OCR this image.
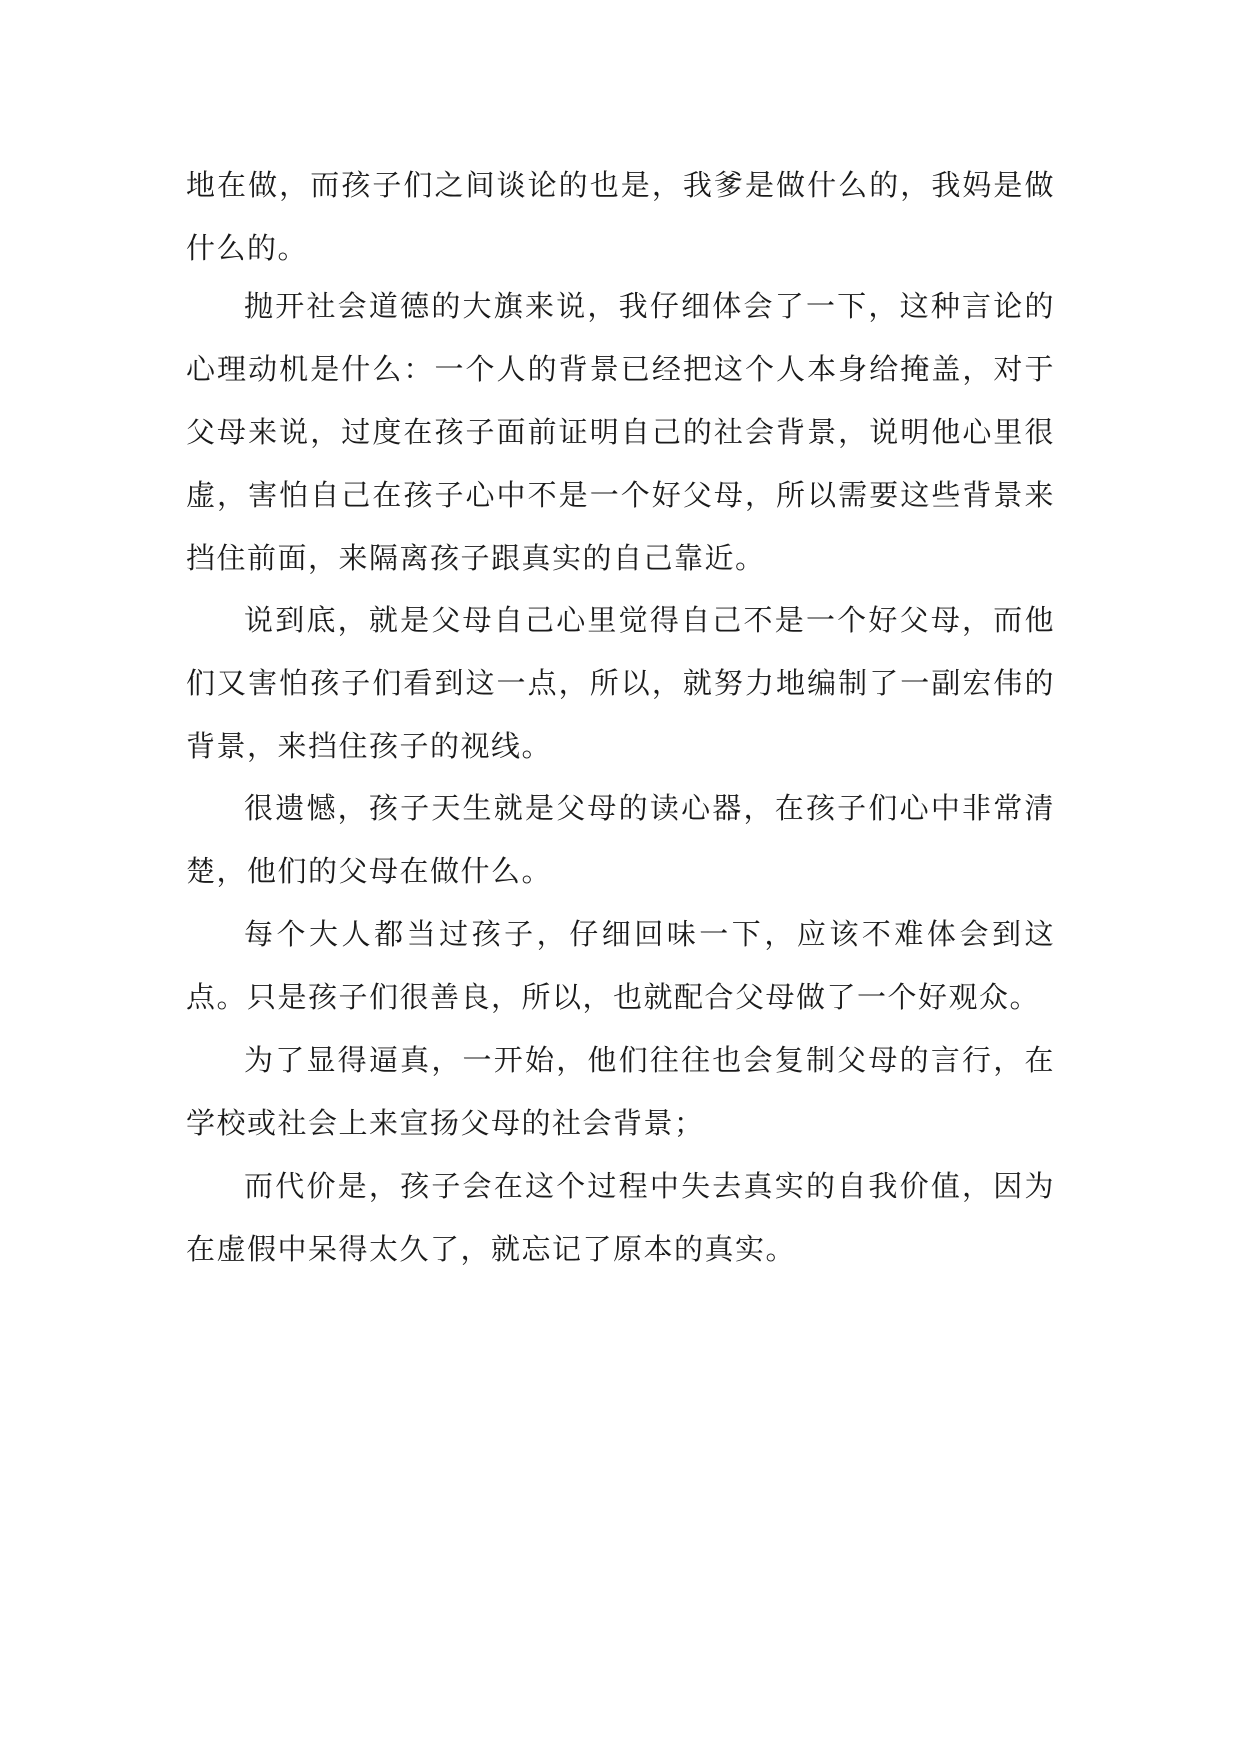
地在做，而孩子们之间谈论的也是，我爹是做什么的，我妈是做什么的。

抛开社会道德的大旗来说，我仔细体会了一下，这种言论的心理动机是什么：一个人的背景已经把这个人本身给掩盖，对于父母来说，过度在孩子面前证明自己的社会背景，说明他心里很虚，害怕自己在孩子心中不是一个好父母，所以需要这些背景来挡住前面，来隔离孩子跟真实的自己靠近。

说到底，就是父母自己心里觉得自己不是一个好父母，而他们又害怕孩子们看到这一点，所以，就努力地编制了一副宏伟的背景，来挡住孩子的视线。

很遗憾，孩子天生就是父母的读心器，在孩子们心中非常清楚，他们的父母在做什么。

每个大人都当过孩子，仔细回味一下，应该不难体会到这点。只是孩子们很善良，所以，也就配合父母做了一个好观众。

为了显得逼真，一开始，他们往往也会复制父母的言行，在学校或社会上来宣扬父母的社会背景；

而代价是，孩子会在这个过程中失去真实的自我价值，因为在虚假中呆得太久了，就忘记了原本的真实。
